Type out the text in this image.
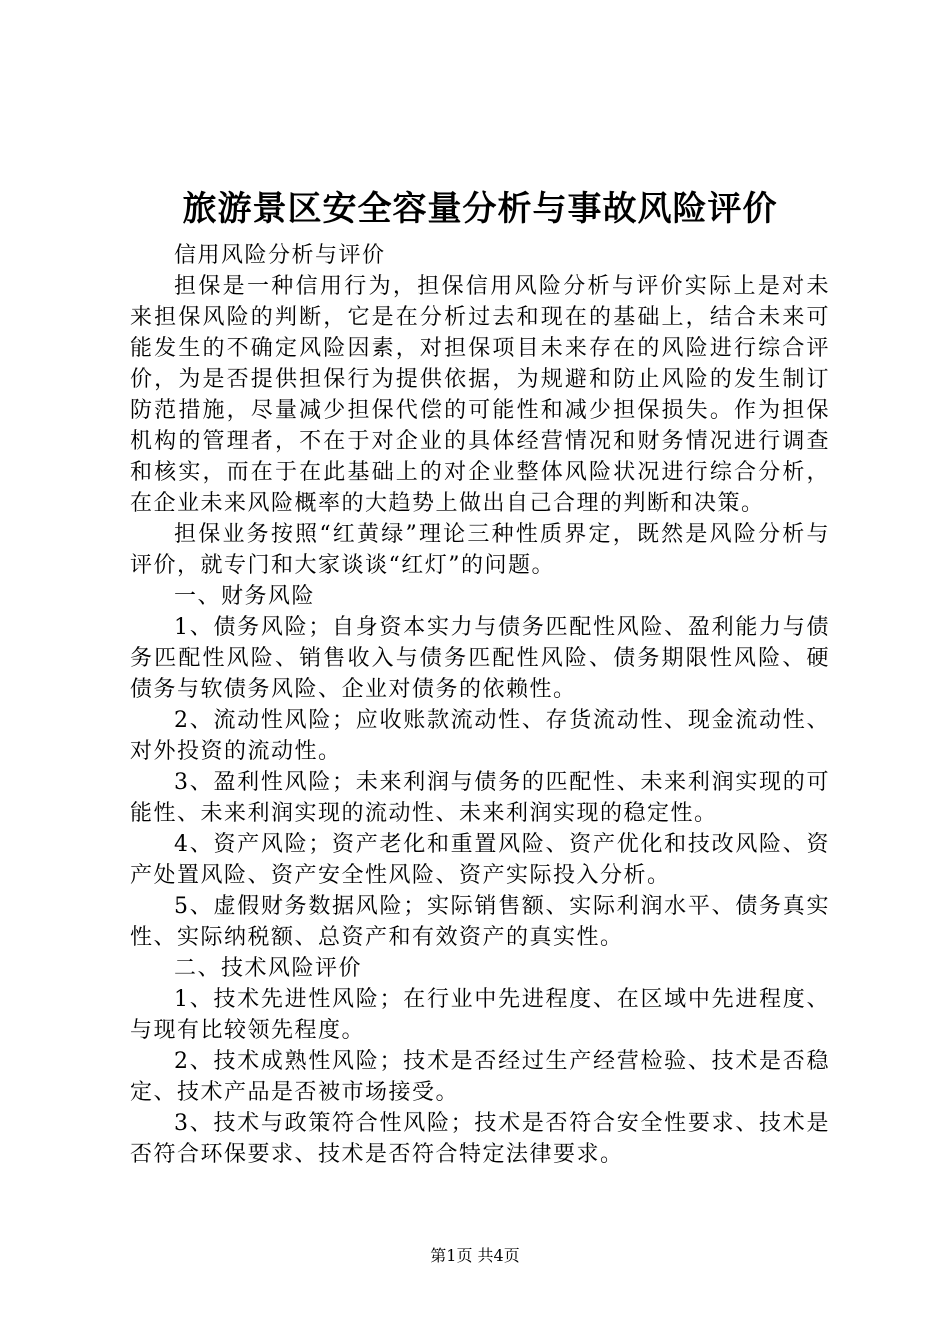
旅游景区安全容量分析与事故风险评价

信用风险分析与评价

担保是一种信用行为，担保信用风险分析与评价实际上是对未来担保风险的判断，它是在分析过去和现在的基础上，结合未来可能发生的不确定风险因素，对担保项目未来存在的风险进行综合评价，为是否提供担保行为提供依据，为规避和防止风险的发生制订防范措施，尽量减少担保代偿的可能性和减少担保损失。作为担保机构的管理者，不在于对企业的具体经营情况和财务情况进行调查和核实，而在于在此基础上的对企业整体风险状况进行综合分析，在企业未来风险概率的大趋势上做出自己合理的判断和决策。

担保业务按照“红黄绿”理论三种性质界定，既然是风险分析与评价，就专门和大家谈谈“红灯”的问题。

一、财务风险

1、债务风险；自身资本实力与债务匹配性风险、盈利能力与债务匹配性风险、销售收入与债务匹配性风险、债务期限性风险、硬债务与软债务风险、企业对债务的依赖性。

2、流动性风险；应收账款流动性、存货流动性、现金流动性、对外投资的流动性。

3、盈利性风险；未来利润与债务的匹配性、未来利润实现的可能性、未来利润实现的流动性、未来利润实现的稳定性。

4、资产风险；资产老化和重置风险、资产优化和技改风险、资产处置风险、资产安全性风险、资产实际投入分析。

5、虚假财务数据风险；实际销售额、实际利润水平、债务真实性、实际纳税额、总资产和有效资产的真实性。

二、技术风险评价

1、技术先进性风险；在行业中先进程度、在区域中先进程度、与现有比较领先程度。

2、技术成熟性风险；技术是否经过生产经营检验、技术是否稳定、技术产品是否被市场接受。

3、技术与政策符合性风险；技术是否符合安全性要求、技术是否符合环保要求、技术是否符合特定法律要求。

第1页 共4页
